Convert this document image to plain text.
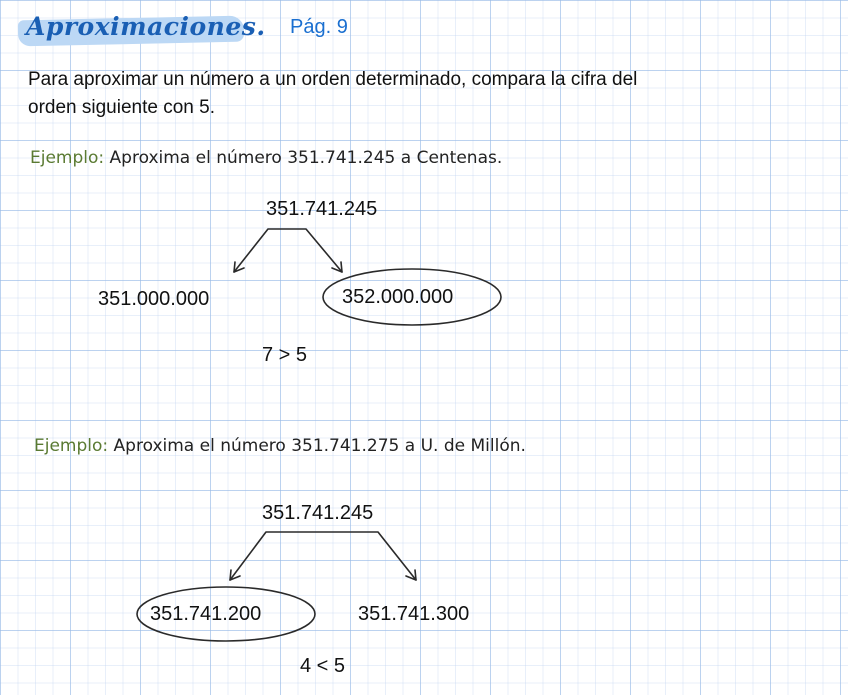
Aproximaciones. Pág. 9
Para aproximar un número a un orden determinado, compara la cifra del
orden siguiente con 5.
Ejemplo: Aproxima el número 351.741.245 a Centenas.
351.741.245
351.000.000	352.000.000
7 > 5
Ejemplo: Aproxima el número 351.741.275 a U. de Millón.
351.741.245
351.741.200	351.741.300
4 < 5
